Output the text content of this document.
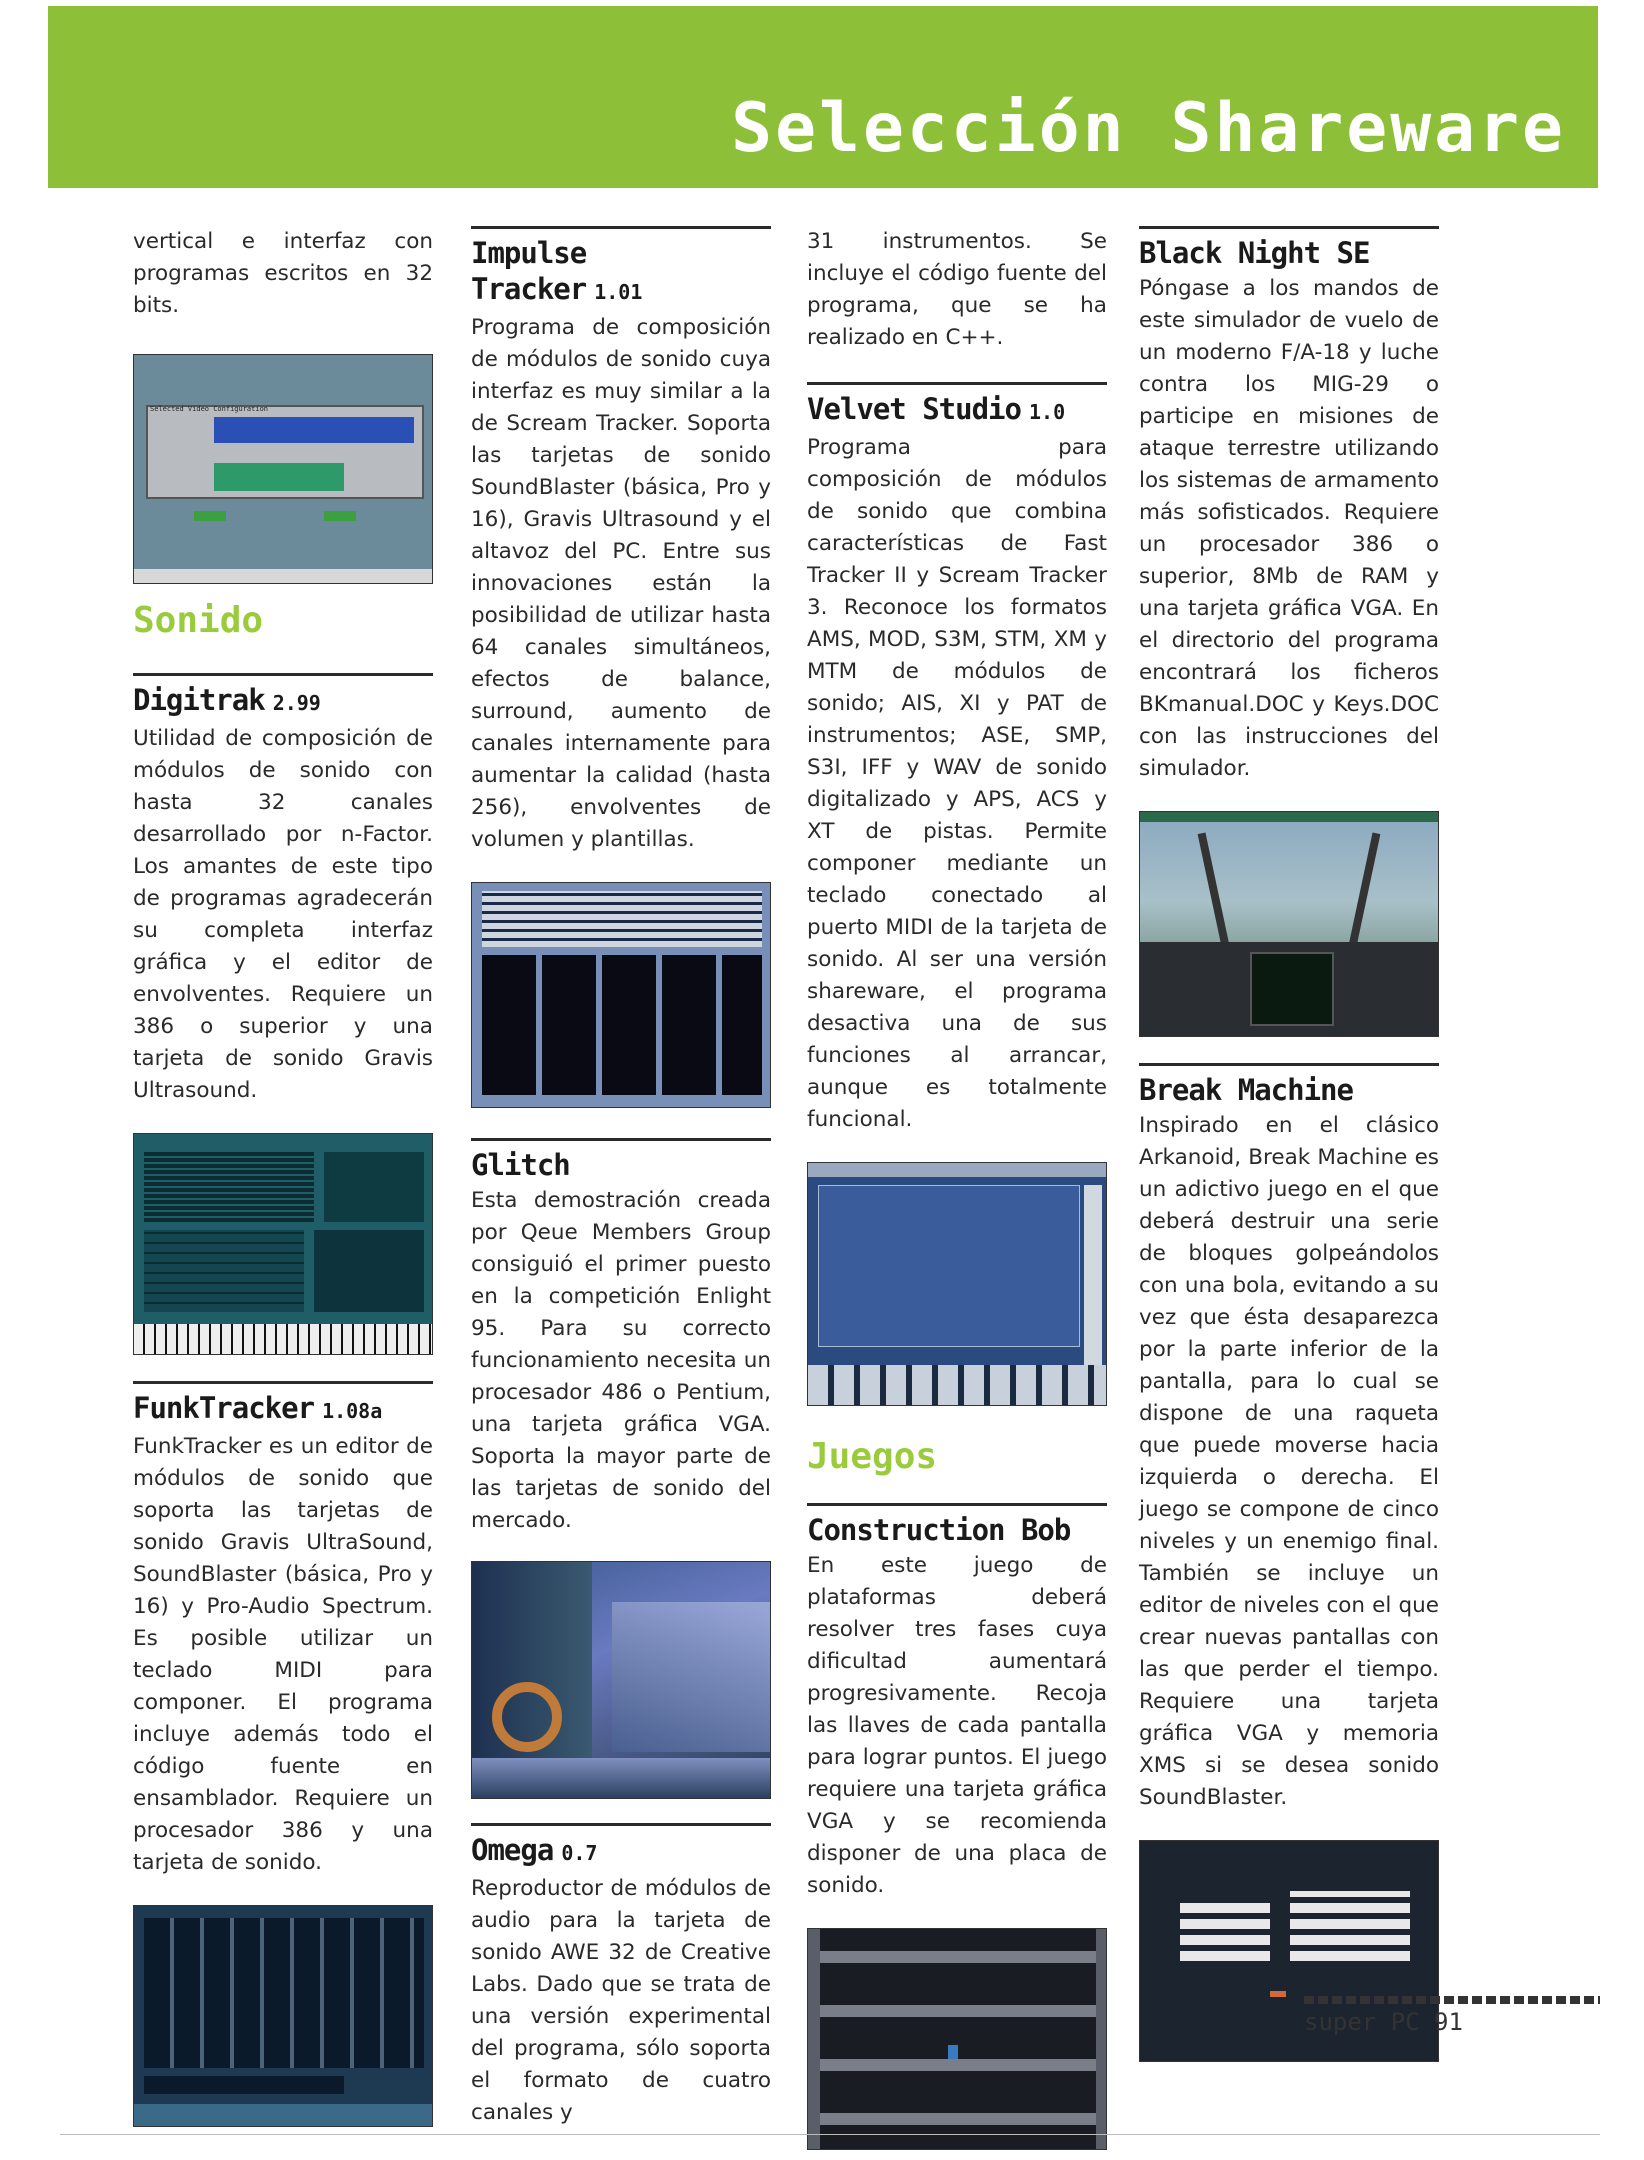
Selección Shareware

vertical e interfaz con programas escritos en 32 bits.

Selected Video Configuration
Sonido
Digitrak 2.99

Utilidad de composición de módulos de sonido con hasta 32 canales desarrollado por n-Factor. Los amantes de este tipo de programas agradecerán su completa interfaz gráfica y el editor de envolventes. Requiere un 386 o superior y una tarjeta de sonido Gravis Ultrasound.

FunkTracker 1.08a

FunkTracker es un editor de módulos de sonido que soporta las tarjetas de sonido Gravis UltraSound, SoundBlaster (básica, Pro y 16) y Pro-Audio Spectrum. Es posible utilizar un teclado MIDI para componer. El programa incluye además todo el código fuente en ensamblador. Requiere un procesador 386 y una tarjeta de sonido.

Impulse Tracker 1.01

Programa de composición de módulos de sonido cuya interfaz es muy similar a la de Scream Tracker. Soporta las tarjetas de sonido SoundBlaster (básica, Pro y 16), Gravis Ultrasound y el altavoz del PC. Entre sus innovaciones están la posibilidad de utilizar hasta 64 canales simultáneos, efectos de balance, surround, aumento de canales internamente para aumentar la calidad (hasta 256), envolventes de volumen y plantillas.

Glitch

Esta demostración creada por Qeue Members Group consiguió el primer puesto en la competición Enlight 95. Para su correcto funcionamiento necesita un procesador 486 o Pentium, una tarjeta gráfica VGA. Soporta la mayor parte de las tarjetas de sonido del mercado.

Omega 0.7

Reproductor de módulos de audio para la tarjeta de sonido AWE 32 de Creative Labs. Dado que se trata de una versión experimental del programa, sólo soporta el formato de cuatro canales y

31 instrumentos. Se incluye el código fuente del programa, que se ha realizado en C++.

Velvet Studio 1.0

Programa para composición de módulos de sonido que combina características de Fast Tracker II y Scream Tracker 3. Reconoce los formatos AMS, MOD, S3M, STM, XM y MTM de módulos de sonido; AIS, XI y PAT de instrumentos; ASE, SMP, S3I, IFF y WAV de sonido digitalizado y APS, ACS y XT de pistas. Permite componer mediante un teclado conectado al puerto MIDI de la tarjeta de sonido. Al ser una versión shareware, el programa desactiva una de sus funciones al arrancar, aunque es totalmente funcional.

Juegos
Construction Bob

En este juego de plataformas deberá resolver tres fases cuya dificultad aumentará progresivamente. Recoja las llaves de cada pantalla para lograr puntos. El juego requiere una tarjeta gráfica VGA y se recomienda disponer de una placa de sonido.

Black Night SE

Póngase a los mandos de este simulador de vuelo de un moderno F/A-18 y luche contra los MIG-29 o participe en misiones de ataque terrestre utilizando los sistemas de armamento más sofisticados. Requiere un procesador 386 o superior, 8Mb de RAM y una tarjeta gráfica VGA. En el directorio del programa encontrará los ficheros BKmanual.DOC y Keys.DOC con las instrucciones del simulador.

Break Machine

Inspirado en el clásico Arkanoid, Break Machine es un adictivo juego en el que deberá destruir una serie de bloques golpeándolos con una bola, evitando a su vez que ésta desaparezca por la parte inferior de la pantalla, para lo cual se dispone de una raqueta que puede moverse hacia izquierda o derecha. El juego se compone de cinco niveles y un enemigo final. También se incluye un editor de niveles con el que crear nuevas pantallas con las que perder el tiempo. Requiere una tarjeta gráfica VGA y memoria XMS si se desea sonido SoundBlaster.

super PC 91
